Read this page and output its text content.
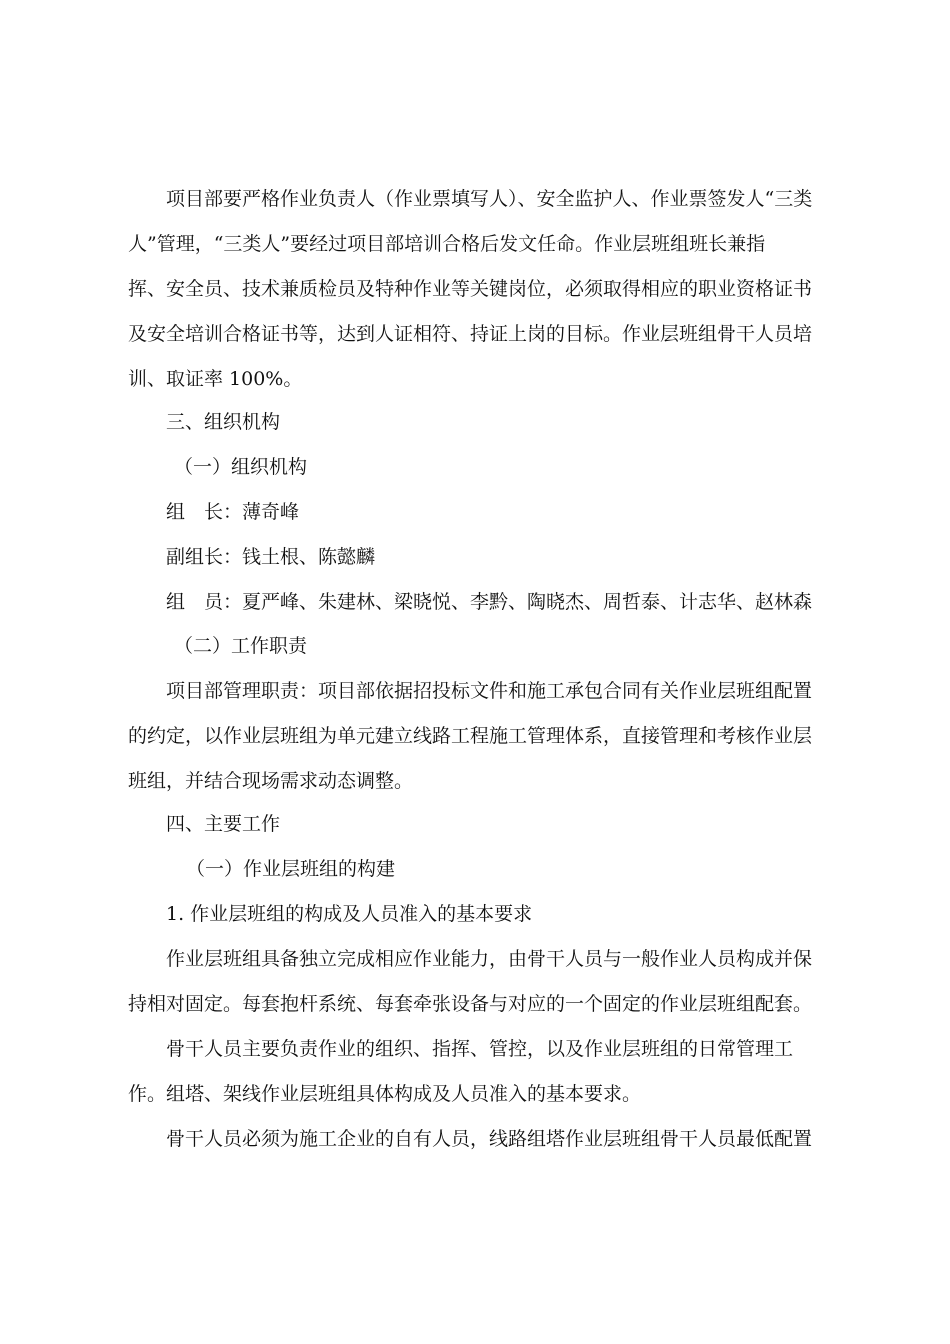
项目部要严格作业负责人（作业票填写人）、安全监护人、作业票签发人“三类
人”管理，“三类人”要经过项目部培训合格后发文任命。作业层班组班长兼指
挥、安全员、技术兼质检员及特种作业等关键岗位，必须取得相应的职业资格证书
及安全培训合格证书等，达到人证相符、持证上岗的目标。作业层班组骨干人员培
训、取证率 100%。
三、组织机构
（一）组织机构
组　长：薄奇峰
副组长：钱土根、陈懿麟
组　员：夏严峰、朱建林、梁晓悦、李黔、陶晓杰、周哲泰、计志华、赵林森
（二）工作职责
项目部管理职责：项目部依据招投标文件和施工承包合同有关作业层班组配置
的约定，以作业层班组为单元建立线路工程施工管理体系，直接管理和考核作业层
班组，并结合现场需求动态调整。
四、主要工作
（一）作业层班组的构建
1. 作业层班组的构成及人员准入的基本要求
作业层班组具备独立完成相应作业能力，由骨干人员与一般作业人员构成并保
持相对固定。每套抱杆系统、每套牵张设备与对应的一个固定的作业层班组配套。
骨干人员主要负责作业的组织、指挥、管控，以及作业层班组的日常管理工
作。组塔、架线作业层班组具体构成及人员准入的基本要求。
骨干人员必须为施工企业的自有人员，线路组塔作业层班组骨干人员最低配置
